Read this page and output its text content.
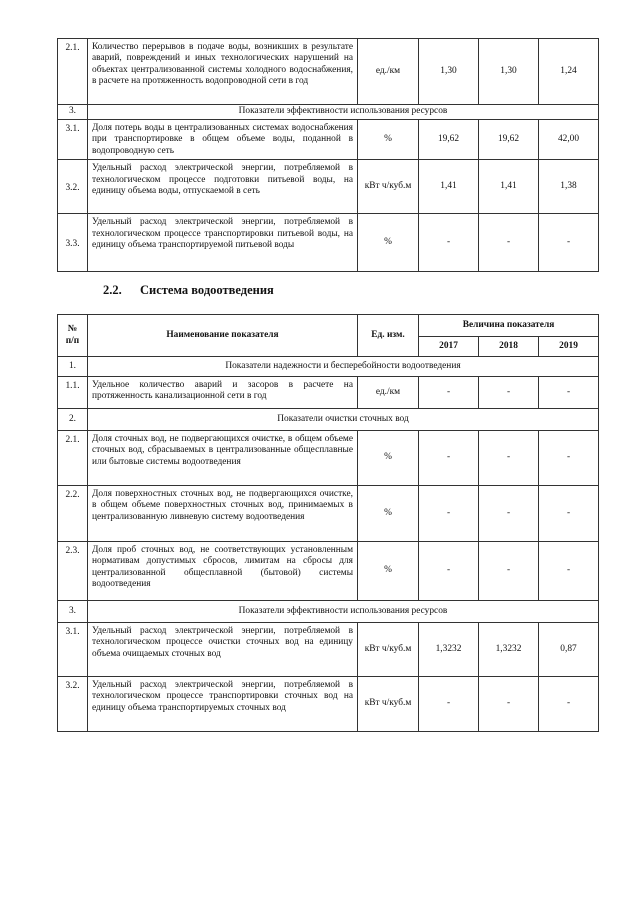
2.1.	Количество перерывов в подаче воды, возникших в результате аварий, повреждений и иных технологических нарушений на объектах централизованной системы холодного водоснабжения, в расчете на протяженность водопроводной сети в год	ед./км	1,30	1,30	1,24
3.	Показатели эффективности использования ресурсов				
3.1.	Доля потерь воды в централизованных системах водоснабжения при транспортировке в общем объеме воды, поданной в водопроводную сеть	%	19,62	19,62	42,00
3.2.	Удельный расход электрической энергии, потребляемой в технологическом процессе подготовки питьевой воды, на единицу объема воды, отпускаемой в сеть	кВт ч/куб.м	1,41	1,41	1,38
3.3.	Удельный расход электрической энергии, потребляемой в технологическом процессе транспортировки питьевой воды, на единицу объема транспортируемой питьевой воды	%	-	-	-
2.2. Система водоотведения
№ п/п	Наименование показателя	Ед. изм.	Величина показателя		
			2017	2018	2019
1.	Показатели надежности и бесперебойности водоотведения				
1.1.	Удельное количество аварий и засоров в расчете на протяженность канализационной сети в год	ед./км	-	-	-
2.	Показатели очистки сточных вод				
2.1.	Доля сточных вод, не подвергающихся очистке, в общем объеме сточных вод, сбрасываемых в централизованные общесплавные или бытовые системы водоотведения	%	-	-	-
2.2.	Доля поверхностных сточных вод, не подвергающихся очистке, в общем объеме поверхностных сточных вод, принимаемых в централизованную ливневую систему водоотведения	%	-	-	-
2.3.	Доля проб сточных вод, не соответствующих установленным нормативам допустимых сбросов, лимитам на сбросы для централизованной общесплавной (бытовой) системы водоотведения	%	-	-	-
3.	Показатели эффективности использования ресурсов				
3.1.	Удельный расход электрической энергии, потребляемой в технологическом процессе очистки сточных вод на единицу объема очищаемых сточных вод	кВт ч/куб.м	1,3232	1,3232	0,87
3.2.	Удельный расход электрической энергии, потребляемой в технологическом процессе транспортировки сточных вод на единицу объема транспортируемых сточных вод	кВт ч/куб.м	-	-	-
